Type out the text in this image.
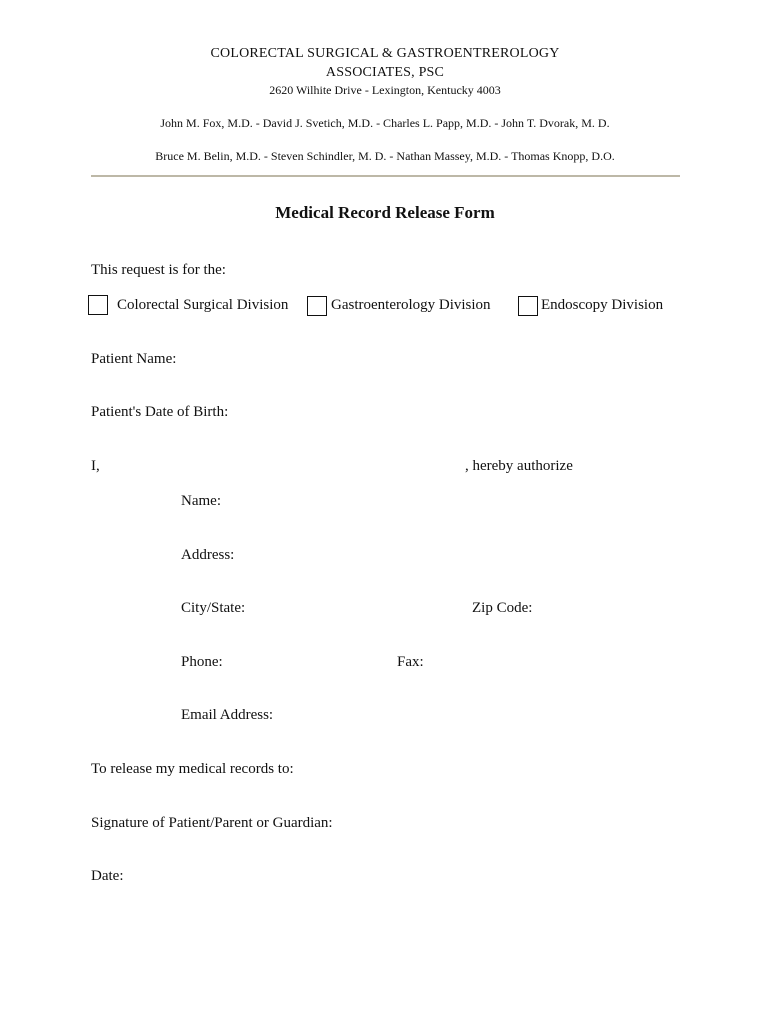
COLORECTAL SURGICAL & GASTROENTREROLOGY
ASSOCIATES, PSC
2620 Wilhite Drive - Lexington, Kentucky 4003
John M. Fox, M.D. - David J. Svetich, M.D. - Charles L. Papp, M.D. - John T. Dvorak, M. D.
Bruce M. Belin, M.D. - Steven Schindler, M. D. - Nathan Massey, M.D. - Thomas Knopp, D.O.
Medical Record Release Form
This request is for the:
Colorectal Surgical Division	Gastroenterology Division	Endoscopy Division
Patient Name:
Patient's Date of Birth:
I,	, hereby authorize
Name:
Address:
City/State:	Zip Code:
Phone:	Fax:
Email Address:
To release my medical records to:
Signature of Patient/Parent or Guardian:
Date:
